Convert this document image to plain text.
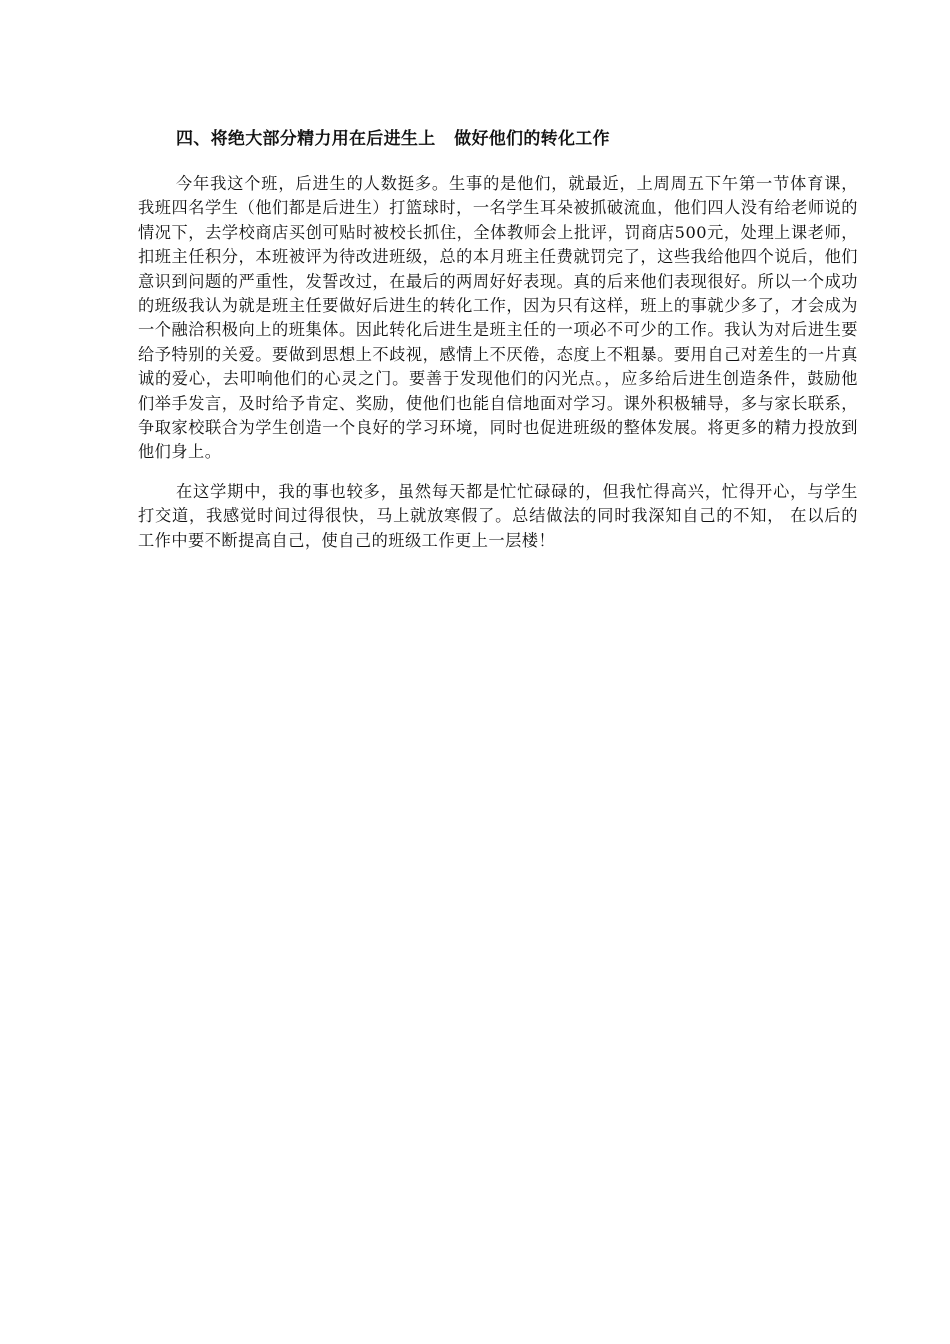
四、将绝大部分精力用在后进生上   做好他们的转化工作

今年我这个班，后进生的人数挺多。生事的是他们，就最近，上周周五下午第一节体育课，我班四名学生（他们都是后进生）打篮球时，一名学生耳朵被抓破流血，他们四人没有给老师说的情况下，去学校商店买创可贴时被校长抓住，全体教师会上批评，罚商店500元，处理上课老师，扣班主任积分，本班被评为待改进班级，总的本月班主任费就罚完了，这些我给他四个说后，他们意识到问题的严重性，发誓改过，在最后的两周好好表现。真的后来他们表现很好。所以一个成功的班级我认为就是班主任要做好后进生的转化工作，因为只有这样，班上的事就少多了，才会成为一个融洽积极向上的班集体。因此转化后进生是班主任的一项必不可少的工作。我认为对后进生要给予特别的关爱。要做到思想上不歧视，感情上不厌倦，态度上不粗暴。要用自己对差生的一片真诚的爱心，去叩响他们的心灵之门。要善于发现他们的闪光点。，应多给后进生创造条件，鼓励他们举手发言，及时给予肯定、奖励，使他们也能自信地面对学习。课外积极辅导，多与家长联系，争取家校联合为学生创造一个良好的学习环境，同时也促进班级的整体发展。将更多的精力投放到他们身上。

在这学期中，我的事也较多，虽然每天都是忙忙碌碌的，但我忙得高兴，忙得开心，与学生打交道，我感觉时间过得很快，马上就放寒假了。总结做法的同时我深知自己的不知， 在以后的工作中要不断提高自己，使自己的班级工作更上一层楼！
